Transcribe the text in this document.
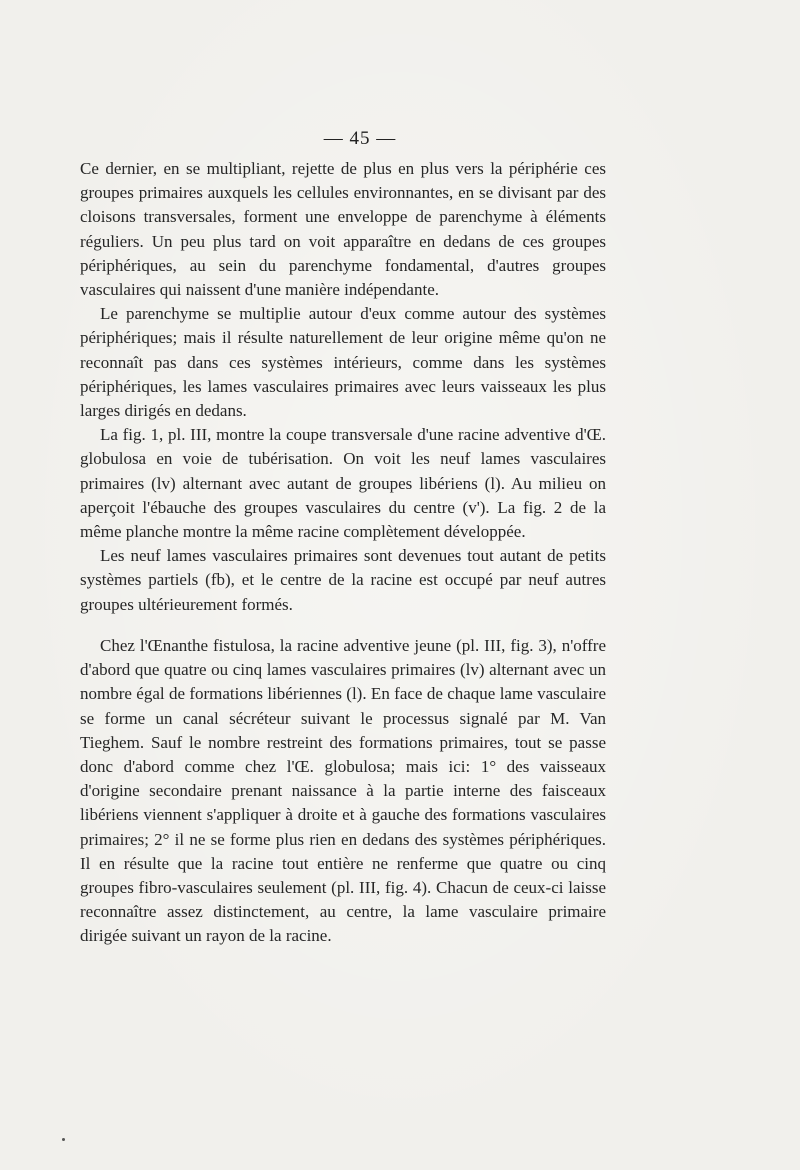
— 45 —

Ce dernier, en se multipliant, rejette de plus en plus vers la périphérie ces groupes primaires auxquels les cellules environnantes, en se divisant par des cloisons transversales, forment une enveloppe de parenchyme à éléments réguliers. Un peu plus tard on voit apparaître en dedans de ces groupes périphériques, au sein du parenchyme fondamental, d'autres groupes vasculaires qui naissent d'une manière indépendante.

Le parenchyme se multiplie autour d'eux comme autour des systèmes périphériques; mais il résulte naturellement de leur origine même qu'on ne reconnaît pas dans ces systèmes intérieurs, comme dans les systèmes périphériques, les lames vasculaires primaires avec leurs vaisseaux les plus larges dirigés en dedans.

La fig. 1, pl. III, montre la coupe transversale d'une racine adventive d'Œ. globulosa en voie de tubérisation. On voit les neuf lames vasculaires primaires (lv) alternant avec autant de groupes libériens (l). Au milieu on aperçoit l'ébauche des groupes vasculaires du centre (v'). La fig. 2 de la même planche montre la même racine complètement développée.

Les neuf lames vasculaires primaires sont devenues tout autant de petits systèmes partiels (fb), et le centre de la racine est occupé par neuf autres groupes ultérieurement formés.

Chez l'Œnanthe fistulosa, la racine adventive jeune (pl. III, fig. 3), n'offre d'abord que quatre ou cinq lames vasculaires primaires (lv) alternant avec un nombre égal de formations libériennes (l). En face de chaque lame vasculaire se forme un canal sécréteur suivant le processus signalé par M. Van Tieghem. Sauf le nombre restreint des formations primaires, tout se passe donc d'abord comme chez l'Œ. globulosa; mais ici: 1° des vaisseaux d'origine secondaire prenant naissance à la partie interne des faisceaux libériens viennent s'appliquer à droite et à gauche des formations vasculaires primaires; 2° il ne se forme plus rien en dedans des systèmes périphériques. Il en résulte que la racine tout entière ne renferme que quatre ou cinq groupes fibro-vasculaires seulement (pl. III, fig. 4). Chacun de ceux-ci laisse reconnaître assez distinctement, au centre, la lame vasculaire primaire dirigée suivant un rayon de la racine.
